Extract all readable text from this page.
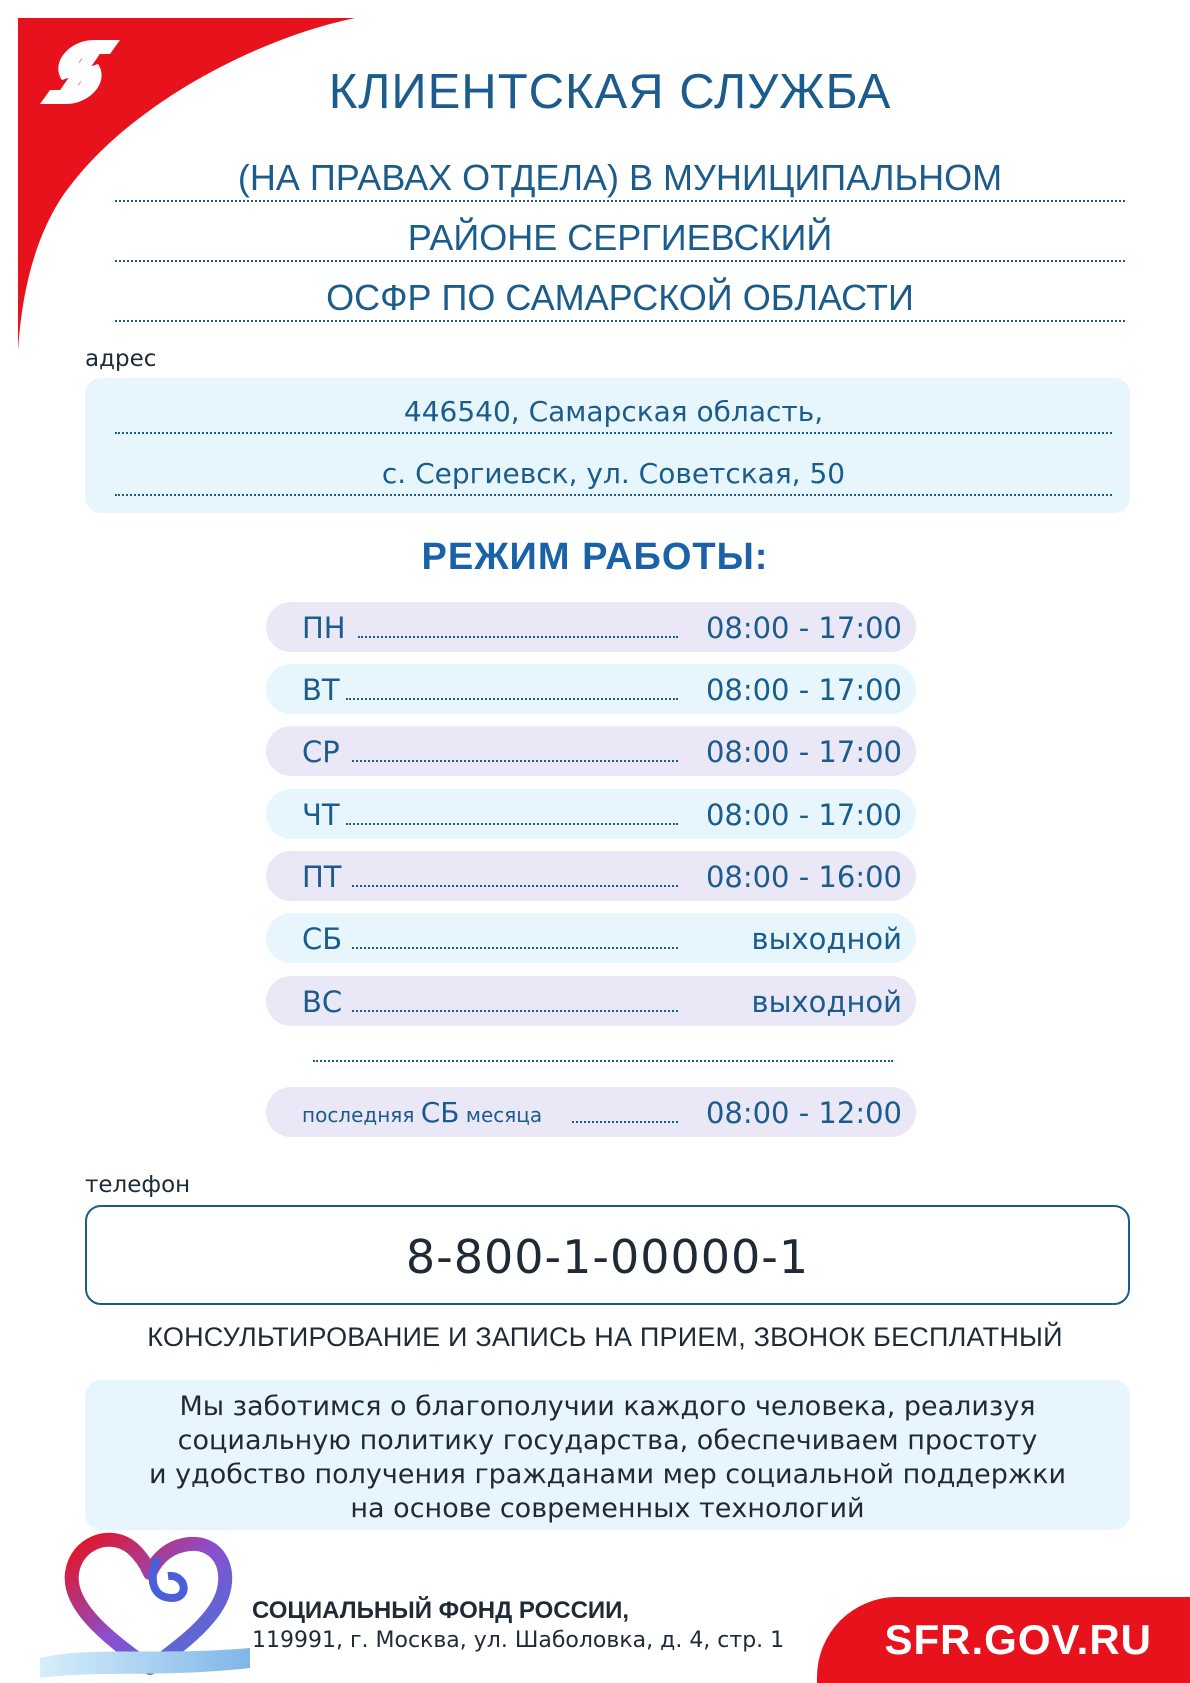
КЛИЕНТСКАЯ СЛУЖБА
(НА ПРАВАХ ОТДЕЛА) В МУНИЦИПАЛЬНОМ
РАЙОНЕ СЕРГИЕВСКИЙ
ОСФР ПО САМАРСКОЙ ОБЛАСТИ
адрес
446540, Самарская область,
с. Сергиевск, ул. Советская, 50
РЕЖИМ РАБОТЫ:
ПН	08:00 - 17:00
ВТ	08:00 - 17:00
СР	08:00 - 17:00
ЧТ	08:00 - 17:00
ПТ	08:00 - 16:00
СБ	выходной
ВС	выходной
последняя СБ месяца	08:00 - 12:00
телефон
8-800-1-00000-1
КОНСУЛЬТИРОВАНИЕ И ЗАПИСЬ НА ПРИЕМ, ЗВОНОК БЕСПЛАТНЫЙ
Мы заботимся о благополучии каждого человека, реализуя
социальную политику государства, обеспечиваем простоту
и удобство получения гражданами мер социальной поддержки
на основе современных технологий
СОЦИАЛЬНЫЙ ФОНД РОССИИ,
119991, г. Москва, ул. Шаболовка, д. 4, стр. 1	SFR.GOV.RU
